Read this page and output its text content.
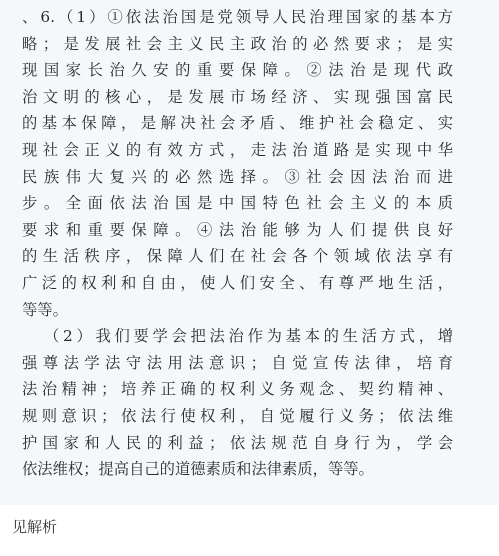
、6.（1）①依法治国是党领导人民治理国家的基本方
略；是发展社会主义民主政治的必然要求；是实
现国家长治久安的重要保障。②法治是现代政
治文明的核心，是发展市场经济、实现强国富民
的基本保障，是解决社会矛盾、维护社会稳定、实
现社会正义的有效方式，走法治道路是实现中华
民族伟大复兴的必然选择。③社会因法治而进
步。全面依法治国是中国特色社会主义的本质
要求和重要保障。④法治能够为人们提供良好
的生活秩序，保障人们在社会各个领域依法享有
广泛的权利和自由，使人们安全、有尊严地生活，
等等。
（2）我们要学会把法治作为基本的生活方式，增
强尊法学法守法用法意识；自觉宣传法律，培育
法治精神；培养正确的权利义务观念、契约精神、
规则意识；依法行使权利，自觉履行义务；依法维
护国家和人民的利益；依法规范自身行为，学会
依法维权；提高自己的道德素质和法律素质，等等。
见解析
